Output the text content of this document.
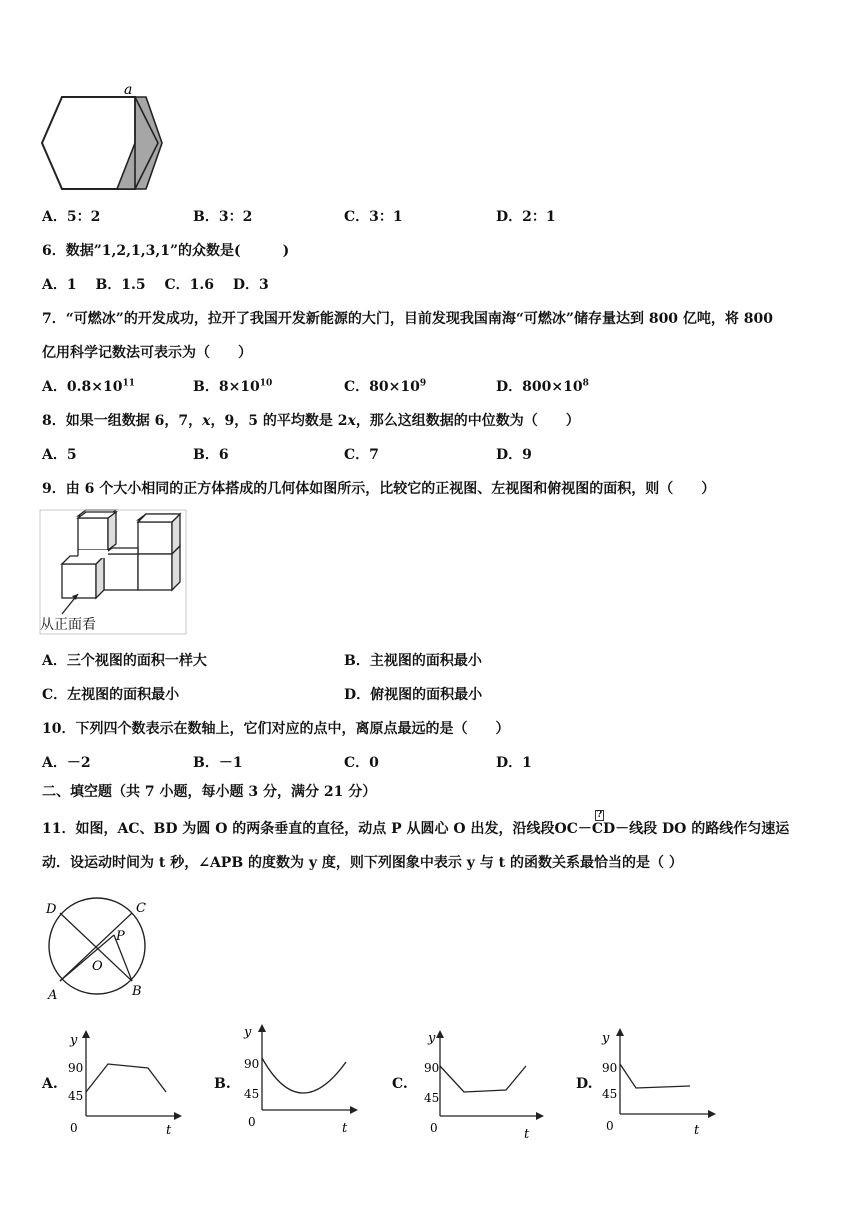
a
A．5：2	B．3：2	C．3：1	D．2：1
6．数据”1,2,1,3,1”的众数是(　　　)
A．1　 B．1.5　 C．1.6　 D．3
7．“可燃冰”的开发成功，拉开了我国开发新能源的大门，目前发现我国南海“可燃冰”储存量达到 800 亿吨，将 800
亿用科学记数法可表示为（　　）
A．$0.8\times 10^{11}$	B．$8\times 10^{10}$	C．$80\times 10^9$	D．$800\times 10^8$
8．如果一组数据 6，7，x，9，5 的平均数是 2x，那么这组数据的中位数为（　　）
A．5	B．6	C．7	D．9
9．由 6 个大小相同的正方体搭成的几何体如图所示，比较它的正视图、左视图和俯视图的面积，则（　　）
从正面看
A．三个视图的面积一样大	B．主视图的面积最小
C．左视图的面积最小	D．俯视图的面积最小
10．下列四个数表示在数轴上，它们对应的点中，离原点最远的是（　　）
A．－2	B．－1	C．0	D．1
二、填空题（共 7 小题，每小题 3 分，满分 21 分）
11．如图，AC、BD 为圆 O 的两条垂直的直径，动点 P 从圆心 O 出发，沿线段OC－
?
CD－线段 DO 的路线作匀速运
动．设运动时间为 t 秒，∠APB 的度数为 y 度，则下列图象中表示 y 与 t 的函数关系最恰当的是（ ）
D	C
P
O
A	B
A.
y
90
45
0	t
B.
y
90
45
0	t
C.
y
90
45
0	t
D.
y
90
45
0	t
